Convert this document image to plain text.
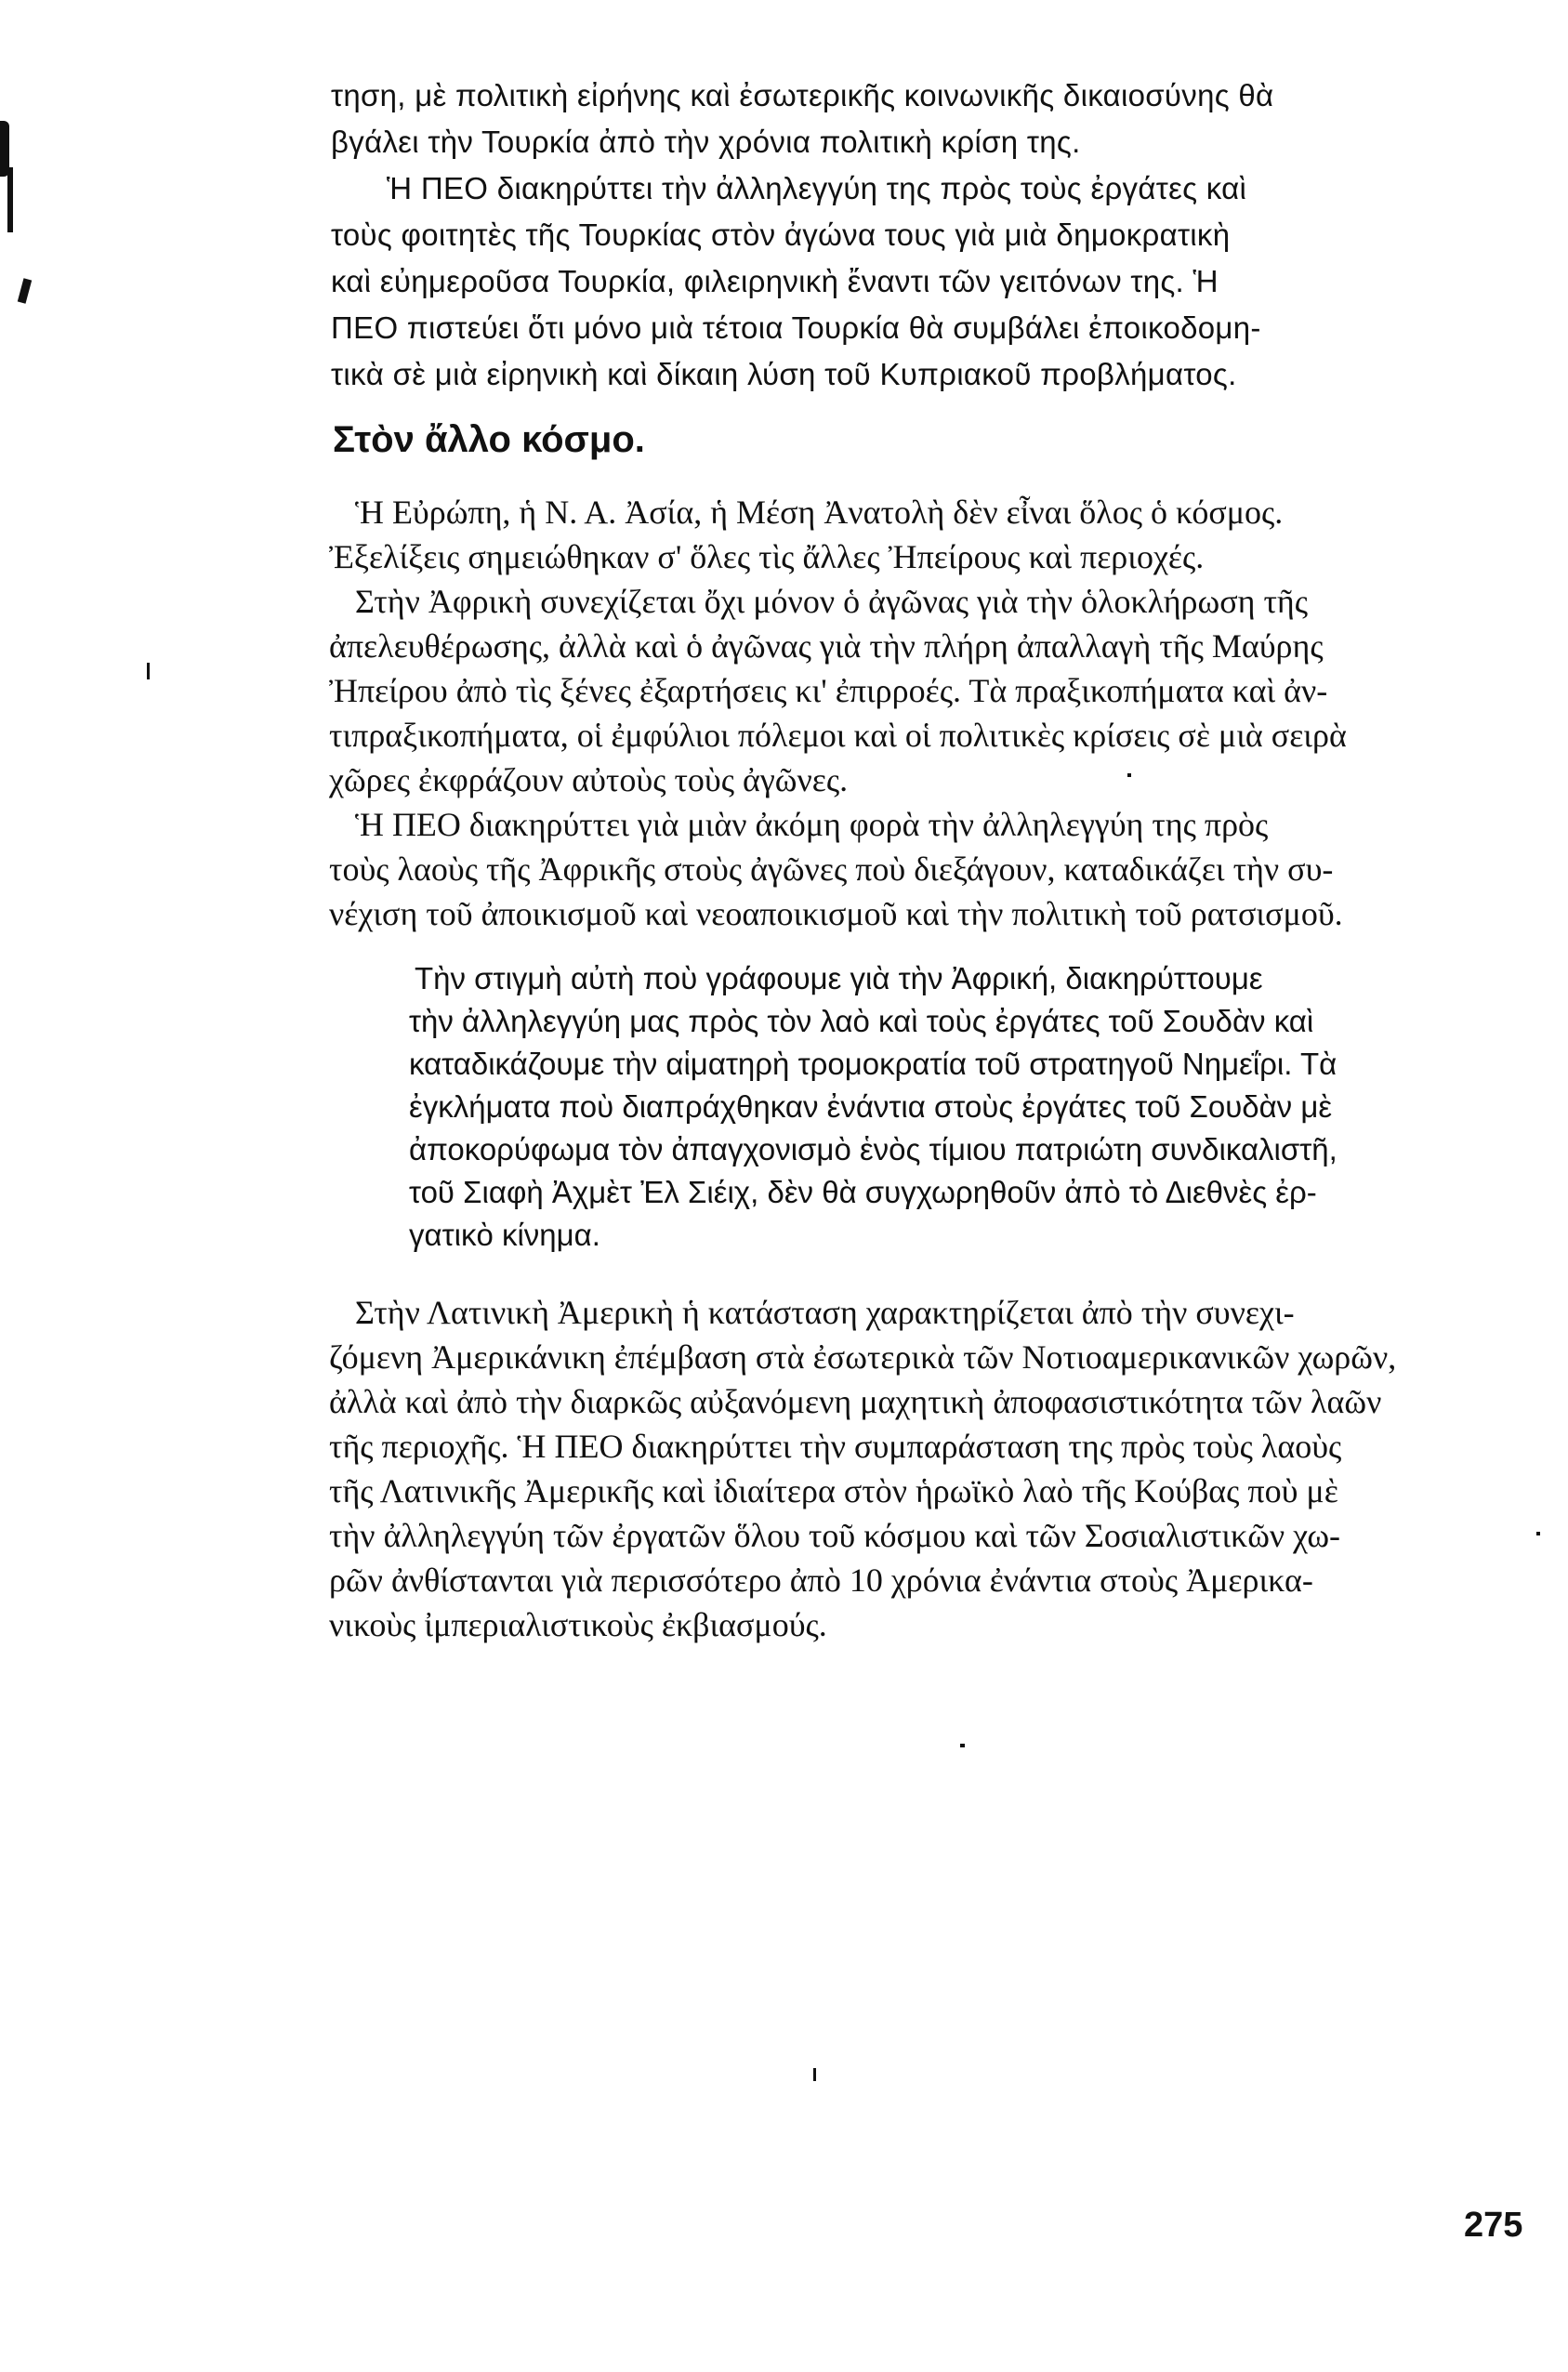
τηση, μὲ πολιτικὴ εἰρήνης καὶ ἐσωτερικῆς κοινωνικῆς δικαιοσύνης θὰ
βγάλει τὴν Τουρκία ἀπὸ τὴν χρόνια πολιτικὴ κρίση της.
Ἡ ΠΕΟ διακηρύττει τὴν ἀλληλεγγύη της πρὸς τοὺς ἐργάτες καὶ
τοὺς φοιτητὲς τῆς Τουρκίας στὸν ἀγώνα τους γιὰ μιὰ δημοκρατικὴ
καὶ εὐημεροῦσα Τουρκία, φιλειρηνικὴ ἔναντι τῶν γειτόνων της. Ἡ
ΠΕΟ πιστεύει ὅτι μόνο μιὰ τέτοια Τουρκία θὰ συμβάλει ἐποικοδομη-
τικὰ σὲ μιὰ εἰρηνικὴ καὶ δίκαιη λύση τοῦ Κυπριακοῦ προβλήματος.
Στὸν ἄλλο κόσμο.
Ἡ Εὐρώπη, ἡ Ν. Α. Ἀσία, ἡ Μέση Ἀνατολὴ δὲν εἶναι ὅλος ὁ κόσμος.
Ἐξελίξεις σημειώθηκαν σ' ὅλες τὶς ἄλλες Ἠπείρους καὶ περιοχές.
Στὴν Ἀφρικὴ συνεχίζεται ὄχι μόνον ὁ ἀγῶνας γιὰ τὴν ὁλοκλήρωση τῆς
ἀπελευθέρωσης, ἀλλὰ καὶ ὁ ἀγῶνας γιὰ τὴν πλήρη ἀπαλλαγὴ τῆς Μαύρης
Ἠπείρου ἀπὸ τὶς ξένες ἐξαρτήσεις κι' ἐπιρροές. Τὰ πραξικοπήματα καὶ ἀν-
τιπραξικοπήματα, οἱ ἐμφύλιοι πόλεμοι καὶ οἱ πολιτικὲς κρίσεις σὲ μιὰ σειρὰ
χῶρες ἐκφράζουν αὐτοὺς τοὺς ἀγῶνες.
Ἡ ΠΕΟ διακηρύττει γιὰ μιὰν ἀκόμη φορὰ τὴν ἀλληλεγγύη της πρὸς
τοὺς λαοὺς τῆς Ἀφρικῆς στοὺς ἀγῶνες ποὺ διεξάγουν, καταδικάζει τὴν συ-
νέχιση τοῦ ἀποικισμοῦ καὶ νεοαποικισμοῦ καὶ τὴν πολιτικὴ τοῦ ρατσισμοῦ.
Τὴν στιγμὴ αὐτὴ ποὺ γράφουμε γιὰ τὴν Ἀφρική, διακηρύττουμε
τὴν ἀλληλεγγύη μας πρὸς τὸν λαὸ καὶ τοὺς ἐργάτες τοῦ Σουδὰν καὶ
καταδικάζουμε τὴν αἱματηρὴ τρομοκρατία τοῦ στρατηγοῦ Νημεΐρι. Τὰ
ἐγκλήματα ποὺ διαπράχθηκαν ἐνάντια στοὺς ἐργάτες τοῦ Σουδὰν μὲ
ἀποκορύφωμα τὸν ἀπαγχονισμὸ ἑνὸς τίμιου πατριώτη συνδικαλιστῆ,
τοῦ Σιαφὴ Ἀχμὲτ Ἐλ Σιέιχ, δὲν θὰ συγχωρηθοῦν ἀπὸ τὸ Διεθνὲς ἐρ-
γατικὸ κίνημα.
Στὴν Λατινικὴ Ἀμερικὴ ἡ κατάσταση χαρακτηρίζεται ἀπὸ τὴν συνεχι-
ζόμενη Ἀμερικάνικη ἐπέμβαση στὰ ἐσωτερικὰ τῶν Νοτιοαμερικανικῶν χωρῶν,
ἀλλὰ καὶ ἀπὸ τὴν διαρκῶς αὐξανόμενη μαχητικὴ ἀποφασιστικότητα τῶν λαῶν
τῆς περιοχῆς. Ἡ ΠΕΟ διακηρύττει τὴν συμπαράσταση της πρὸς τοὺς λαοὺς
τῆς Λατινικῆς Ἀμερικῆς καὶ ἰδιαίτερα στὸν ἡρωϊκὸ λαὸ τῆς Κούβας ποὺ μὲ
τὴν ἀλληλεγγύη τῶν ἐργατῶν ὅλου τοῦ κόσμου καὶ τῶν Σοσιαλιστικῶν χω-
ρῶν ἀνθίστανται γιὰ περισσότερο ἀπὸ 10 χρόνια ἐνάντια στοὺς Ἀμερικα-
νικοὺς ἰμπεριαλιστικοὺς ἐκβιασμούς.

275
